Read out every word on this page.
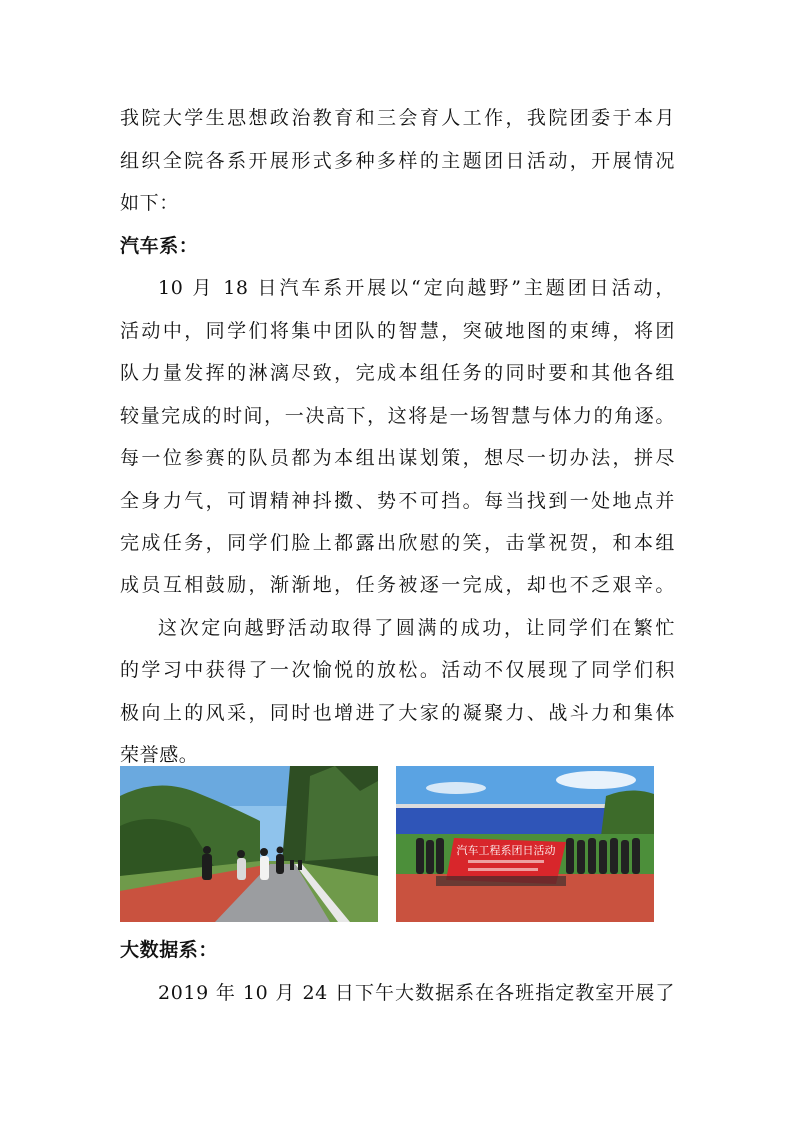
我院大学生思想政治教育和三会育人工作，我院团委于本月
组织全院各系开展形式多种多样的主题团日活动，开展情况
如下：
汽车系：
10 月 18 日汽车系开展以“定向越野”主题团日活动，
活动中，同学们将集中团队的智慧，突破地图的束缚，将团
队力量发挥的淋漓尽致，完成本组任务的同时要和其他各组
较量完成的时间，一决高下，这将是一场智慧与体力的角逐。
每一位参赛的队员都为本组出谋划策，想尽一切办法，拼尽
全身力气，可谓精神抖擞、势不可挡。每当找到一处地点并
完成任务，同学们脸上都露出欣慰的笑，击掌祝贺，和本组
成员互相鼓励，渐渐地，任务被逐一完成，却也不乏艰辛。
这次定向越野活动取得了圆满的成功，让同学们在繁忙
的学习中获得了一次愉悦的放松。活动不仅展现了同学们积
极向上的风采，同时也增进了大家的凝聚力、战斗力和集体
荣誉感。
汽车工程系团日活动
大数据系：
2019 年 10 月 24 日下午大数据系在各班指定教室开展了
